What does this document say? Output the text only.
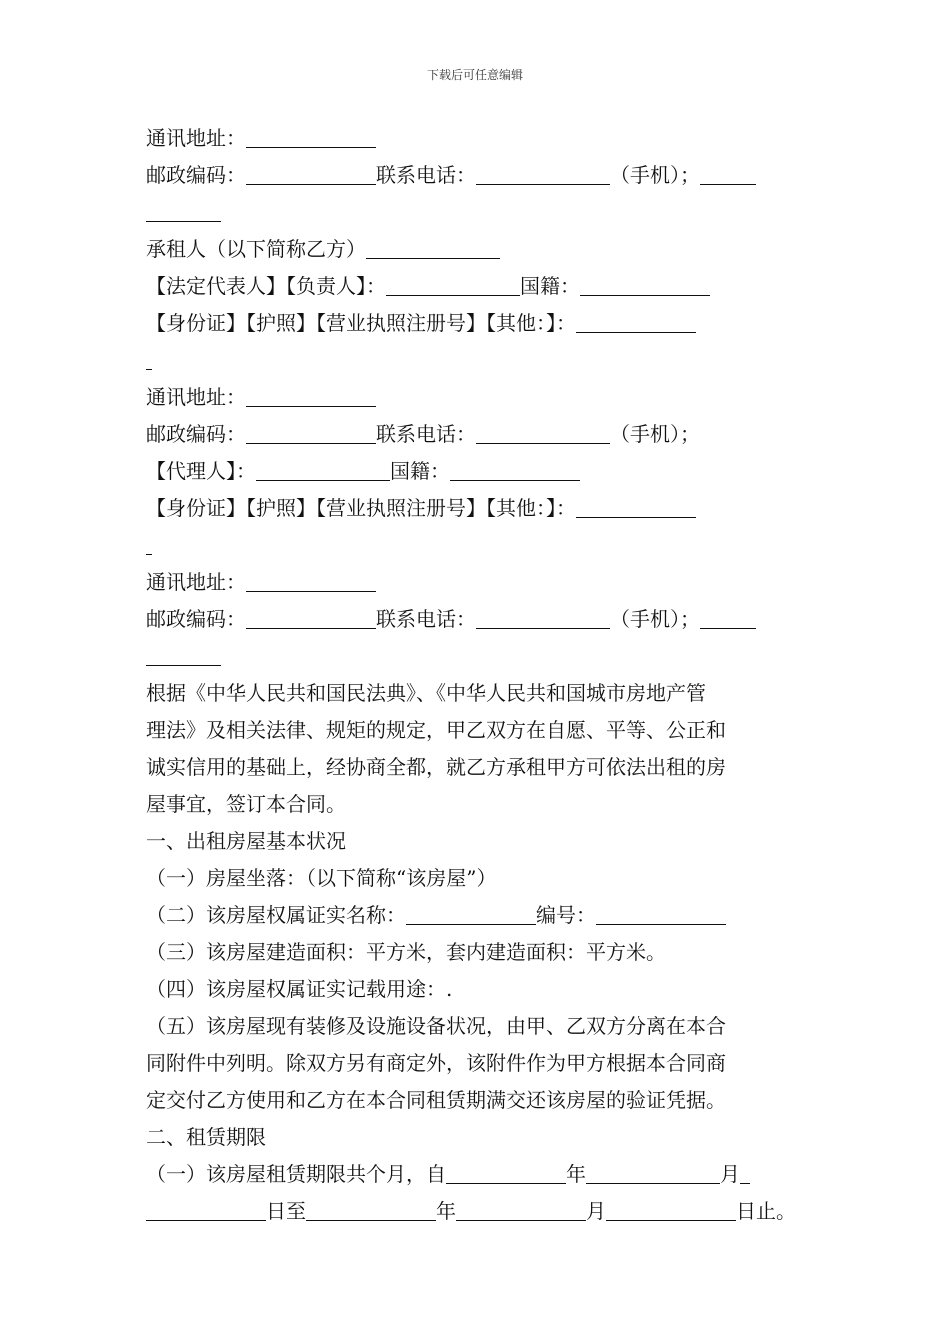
下载后可任意编辑
通讯地址：
邮政编码：	联系电话：	（手机）；
承租人（以下简称乙方）
【法定代表人】【负责人】：	国籍：
【身份证】【护照】【营业执照注册号】【其他：】：
通讯地址：
邮政编码：	联系电话：	（手机）；
【代理人】：	国籍：
【身份证】【护照】【营业执照注册号】【其他：】：
通讯地址：
邮政编码：	联系电话：	（手机）；
根据《中华人民共和国民法典》、《中华人民共和国城市房地产管
理法》及相关法律、规矩的规定，甲乙双方在自愿、平等、公正和
诚实信用的基础上，经协商全都，就乙方承租甲方可依法出租的房
屋事宜，签订本合同。
一、出租房屋基本状况
（一）房屋坐落：（以下简称“该房屋”）
（二）该房屋权属证实名称：	编号：
（三）该房屋建造面积：平方米，套内建造面积：平方米。
（四）该房屋权属证实记载用途：.
（五）该房屋现有装修及设施设备状况，由甲、乙双方分离在本合
同附件中列明。除双方另有商定外，该附件作为甲方根据本合同商
定交付乙方使用和乙方在本合同租赁期满交还该房屋的验证凭据。
二、租赁期限
（一）该房屋租赁期限共个月，自	年	月
日至	年	月	日止。
